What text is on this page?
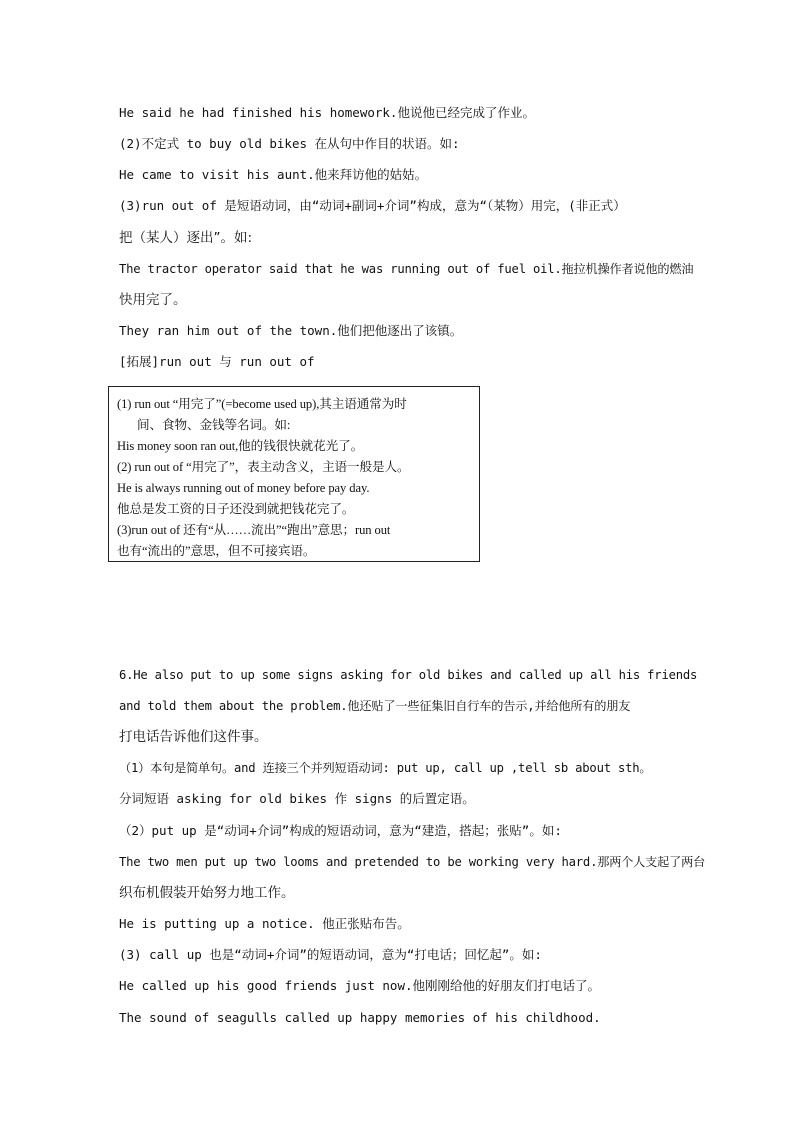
He said he had finished his homework.他说他已经完成了作业。
(2)不定式 to buy old bikes 在从句中作目的状语。如:
He came to visit his aunt.他来拜访他的姑姑。
(3)run out of 是短语动词，由“动词+副词+介词”构成，意为“（某物）用完，(非正式）
把（某人）逐出”。如:
The tractor operator said that he was running out of fuel oil.拖拉机操作者说他的燃油
快用完了。
They ran him out of the town.他们把他逐出了该镇。
[拓展]run out 与 run out of
(1) run out “用完了”(=become used up),其主语通常为时
间、食物、金钱等名词。如:
His money soon ran out,他的钱很快就花光了。
(2) run out of “用完了”，表主动含义，主语一般是人。
He is always running out of money before pay day.
他总是发工资的日子还没到就把钱花完了。
(3)run out of 还有“从……流出”“跑出”意思；run out
也有“流出的”意思，但不可接宾语。
6.He also put to up some signs asking for old bikes and called up all his friends
and told them about the problem.他还贴了一些征集旧自行车的告示,并给他所有的朋友
打电话告诉他们这件事。
（1）本句是简单句。and 连接三个并列短语动词: put up, call up ,tell sb about sth。
分词短语 asking for old bikes 作 signs 的后置定语。
（2）put up 是“动词+介词”构成的短语动词，意为“建造，搭起；张贴”。如:
The two men put up two looms and pretended to be working very hard.那两个人支起了两台
织布机假装开始努力地工作。
He is putting up a notice. 他正张贴布告。
(3) call up 也是“动词+介词”的短语动词，意为“打电话；回忆起”。如:
He called up his good friends just now.他刚刚给他的好朋友们打电话了。
The sound of seagulls called up happy memories of his childhood.
